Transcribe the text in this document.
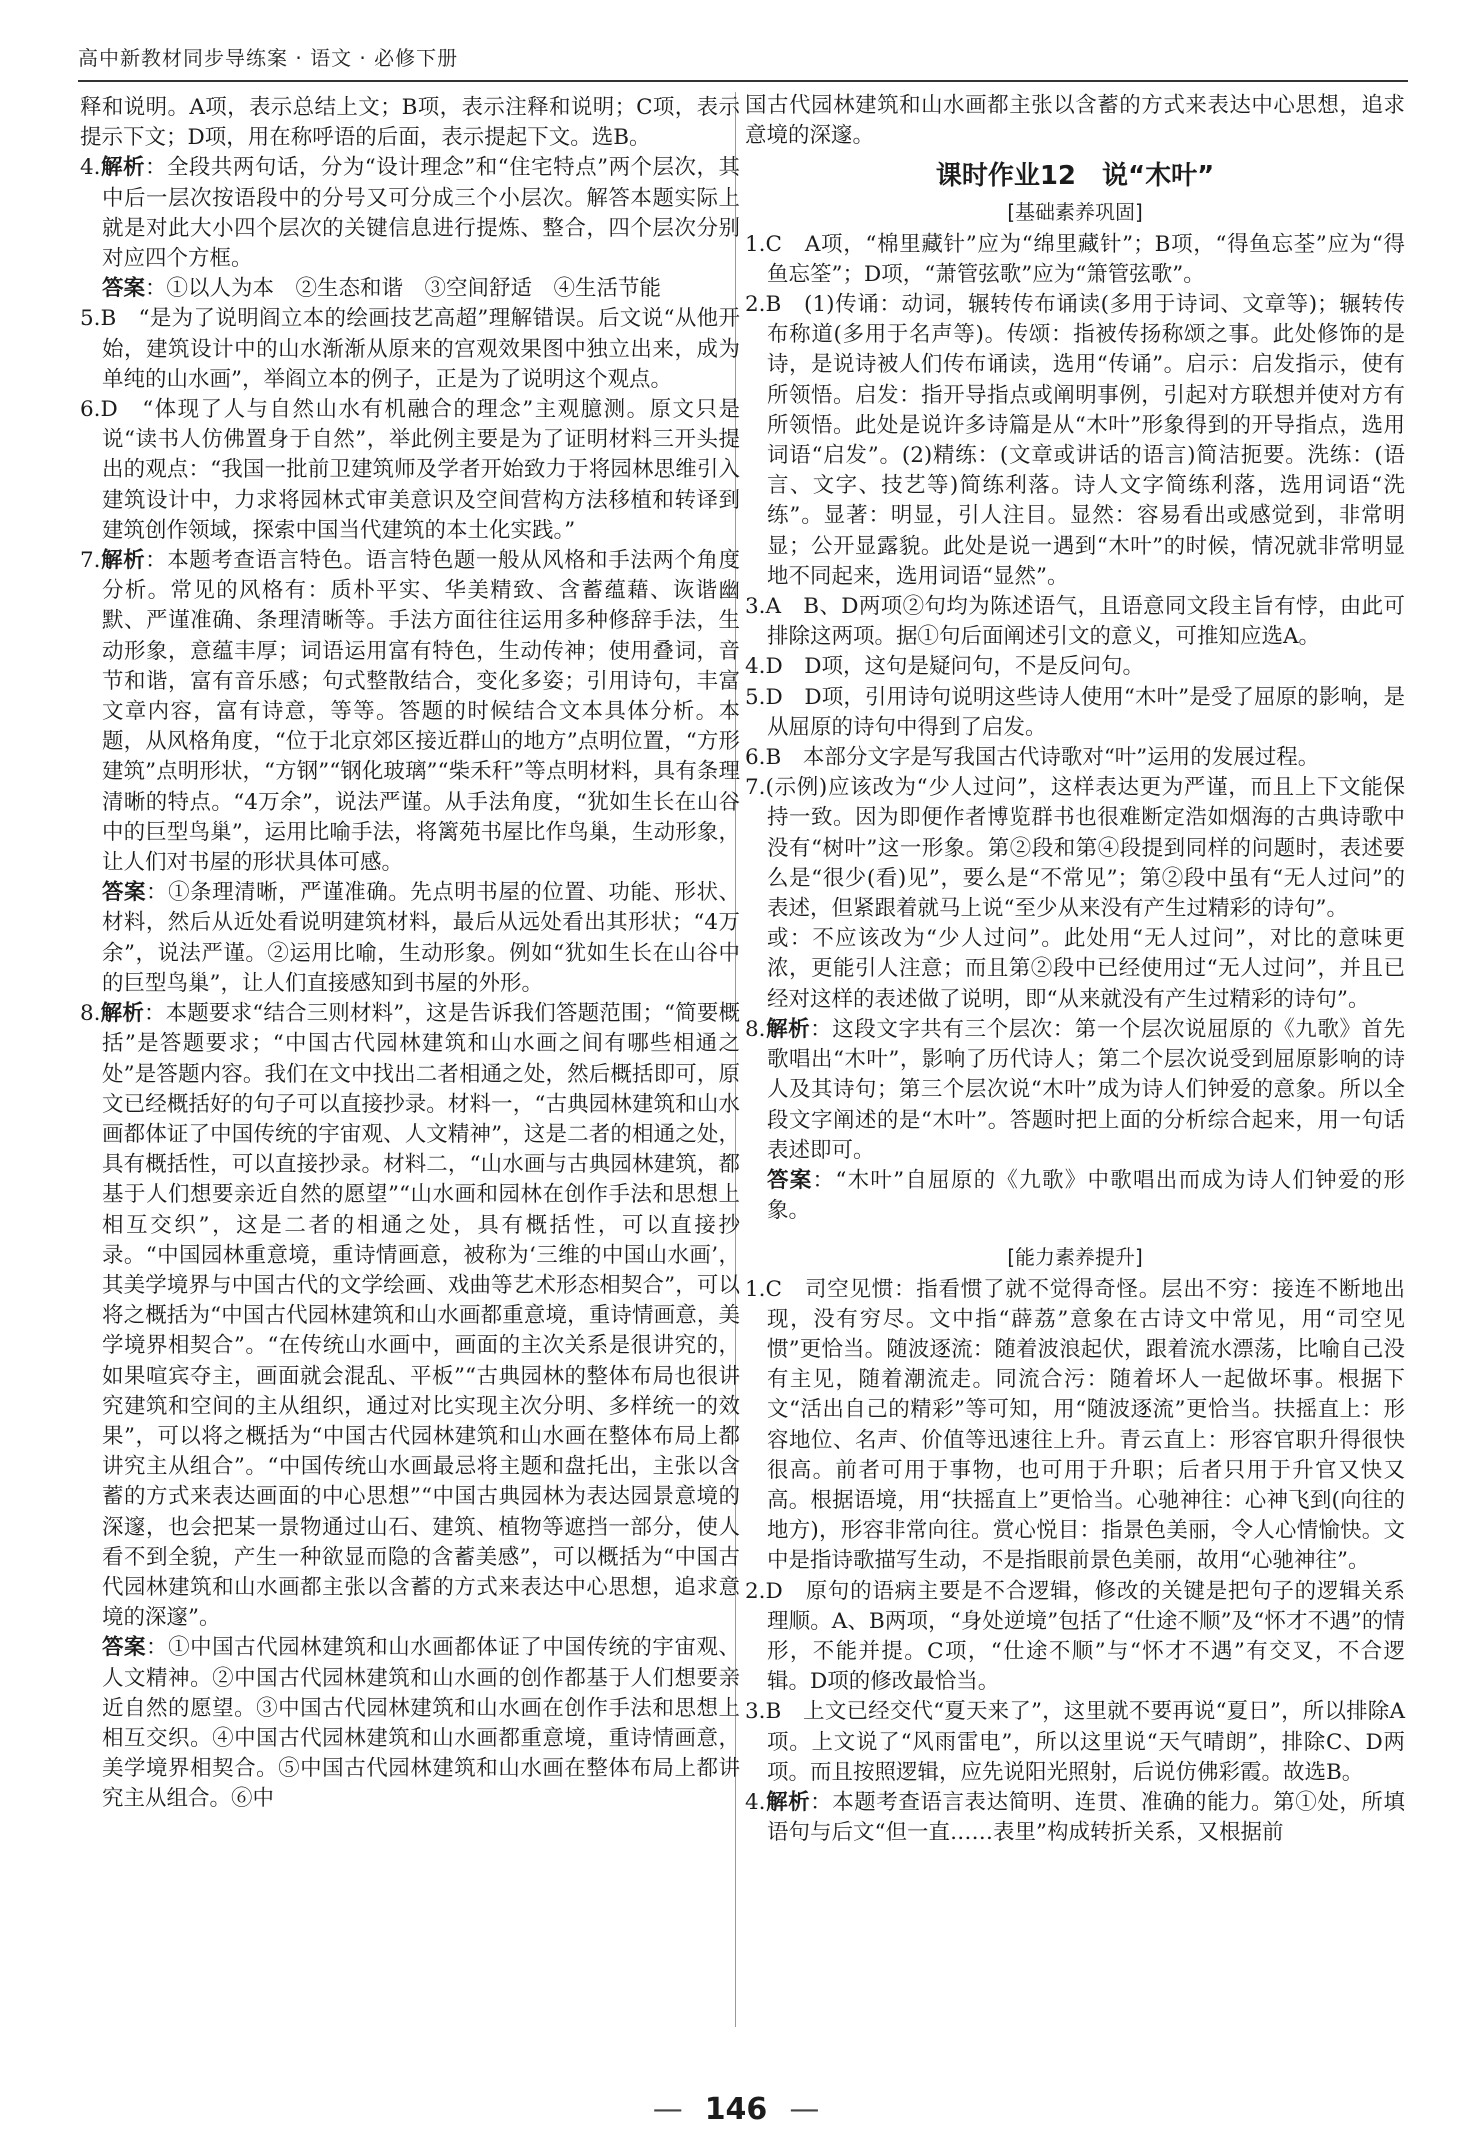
高中新教材同步导练案 · 语文 · 必修下册

释和说明。A项，表示总结上文；B项，表示注释和说明；C项，表示提示下文；D项，用在称呼语的后面，表示提起下文。选B。

4.解析：全段共两句话，分为“设计理念”和“住宅特点”两个层次，其中后一层次按语段中的分号又可分成三个小层次。解答本题实际上就是对此大小四个层次的关键信息进行提炼、整合，四个层次分别对应四个方框。
答案：①以人为本　②生态和谐　③空间舒适　④生活节能

5.B　“是为了说明阎立本的绘画技艺高超”理解错误。后文说“从他开始，建筑设计中的山水渐渐从原来的宫观效果图中独立出来，成为单纯的山水画”，举阎立本的例子，正是为了说明这个观点。

6.D　“体现了人与自然山水有机融合的理念”主观臆测。原文只是说“读书人仿佛置身于自然”，举此例主要是为了证明材料三开头提出的观点：“我国一批前卫建筑师及学者开始致力于将园林思维引入建筑设计中，力求将园林式审美意识及空间营构方法移植和转译到建筑创作领域，探索中国当代建筑的本土化实践。”

7.解析：本题考查语言特色。语言特色题一般从风格和手法两个角度分析。常见的风格有：质朴平实、华美精致、含蓄蕴藉、诙谐幽默、严谨准确、条理清晰等。手法方面往往运用多种修辞手法，生动形象，意蕴丰厚；词语运用富有特色，生动传神；使用叠词，音节和谐，富有音乐感；句式整散结合，变化多姿；引用诗句，丰富文章内容，富有诗意，等等。答题的时候结合文本具体分析。本题，从风格角度，“位于北京郊区接近群山的地方”点明位置，“方形建筑”点明形状，“方钢”“钢化玻璃”“柴禾秆”等点明材料，具有条理清晰的特点。“4万余”，说法严谨。从手法角度，“犹如生长在山谷中的巨型鸟巢”，运用比喻手法，将篱苑书屋比作鸟巢，生动形象，让人们对书屋的形状具体可感。
答案：①条理清晰，严谨准确。先点明书屋的位置、功能、形状、材料，然后从近处看说明建筑材料，最后从远处看出其形状；“4万余”，说法严谨。②运用比喻，生动形象。例如“犹如生长在山谷中的巨型鸟巢”，让人们直接感知到书屋的外形。

8.解析：本题要求“结合三则材料”，这是告诉我们答题范围；“简要概括”是答题要求；“中国古代园林建筑和山水画之间有哪些相通之处”是答题内容。我们在文中找出二者相通之处，然后概括即可，原文已经概括好的句子可以直接抄录。材料一，“古典园林建筑和山水画都体证了中国传统的宇宙观、人文精神”，这是二者的相通之处，具有概括性，可以直接抄录。材料二，“山水画与古典园林建筑，都基于人们想要亲近自然的愿望”“山水画和园林在创作手法和思想上相互交织”，这是二者的相通之处，具有概括性，可以直接抄录。“中国园林重意境，重诗情画意，被称为‘三维的中国山水画’，其美学境界与中国古代的文学绘画、戏曲等艺术形态相契合”，可以将之概括为“中国古代园林建筑和山水画都重意境，重诗情画意，美学境界相契合”。“在传统山水画中，画面的主次关系是很讲究的，如果喧宾夺主，画面就会混乱、平板”“古典园林的整体布局也很讲究建筑和空间的主从组织，通过对比实现主次分明、多样统一的效果”，可以将之概括为“中国古代园林建筑和山水画在整体布局上都讲究主从组合”。“中国传统山水画最忌将主题和盘托出，主张以含蓄的方式来表达画面的中心思想”“中国古典园林为表达园景意境的深邃，也会把某一景物通过山石、建筑、植物等遮挡一部分，使人看不到全貌，产生一种欲显而隐的含蓄美感”，可以概括为“中国古代园林建筑和山水画都主张以含蓄的方式来表达中心思想，追求意境的深邃”。
答案：①中国古代园林建筑和山水画都体证了中国传统的宇宙观、人文精神。②中国古代园林建筑和山水画的创作都基于人们想要亲近自然的愿望。③中国古代园林建筑和山水画在创作手法和思想上相互交织。④中国古代园林建筑和山水画都重意境，重诗情画意，美学境界相契合。⑤中国古代园林建筑和山水画在整体布局上都讲究主从组合。⑥中

国古代园林建筑和山水画都主张以含蓄的方式来表达中心思想，追求意境的深邃。

课时作业12　说“木叶”
[基础素养巩固]

1.C　A项，“棉里藏针”应为“绵里藏针”；B项，“得鱼忘荃”应为“得鱼忘筌”；D项，“萧管弦歌”应为“箫管弦歌”。

2.B　(1)传诵：动词，辗转传布诵读(多用于诗词、文章等)；辗转传布称道(多用于名声等)。传颂：指被传扬称颂之事。此处修饰的是诗，是说诗被人们传布诵读，选用“传诵”。启示：启发指示，使有所领悟。启发：指开导指点或阐明事例，引起对方联想并使对方有所领悟。此处是说许多诗篇是从“木叶”形象得到的开导指点，选用词语“启发”。(2)精练：(文章或讲话的语言)简洁扼要。洗练：(语言、文字、技艺等)简练利落。诗人文字简练利落，选用词语“洗练”。显著：明显，引人注目。显然：容易看出或感觉到，非常明显；公开显露貌。此处是说一遇到“木叶”的时候，情况就非常明显地不同起来，选用词语“显然”。

3.A　B、D两项②句均为陈述语气，且语意同文段主旨有悖，由此可排除这两项。据①句后面阐述引文的意义，可推知应选A。

4.D　D项，这句是疑问句，不是反问句。

5.D　D项，引用诗句说明这些诗人使用“木叶”是受了屈原的影响，是从屈原的诗句中得到了启发。

6.B　本部分文字是写我国古代诗歌对“叶”运用的发展过程。

7.(示例)应该改为“少人过问”，这样表达更为严谨，而且上下文能保持一致。因为即便作者博览群书也很难断定浩如烟海的古典诗歌中没有“树叶”这一形象。第②段和第④段提到同样的问题时，表述要么是“很少(看)见”，要么是“不常见”；第②段中虽有“无人过问”的表述，但紧跟着就马上说“至少从来没有产生过精彩的诗句”。
或：不应该改为“少人过问”。此处用“无人过问”，对比的意味更浓，更能引人注意；而且第②段中已经使用过“无人过问”，并且已经对这样的表述做了说明，即“从来就没有产生过精彩的诗句”。

8.解析：这段文字共有三个层次：第一个层次说屈原的《九歌》首先歌唱出“木叶”，影响了历代诗人；第二个层次说受到屈原影响的诗人及其诗句；第三个层次说“木叶”成为诗人们钟爱的意象。所以全段文字阐述的是“木叶”。答题时把上面的分析综合起来，用一句话表述即可。
答案：“木叶”自屈原的《九歌》中歌唱出而成为诗人们钟爱的形象。

[能力素养提升]

1.C　司空见惯：指看惯了就不觉得奇怪。层出不穷：接连不断地出现，没有穷尽。文中指“薜荔”意象在古诗文中常见，用“司空见惯”更恰当。随波逐流：随着波浪起伏，跟着流水漂荡，比喻自己没有主见，随着潮流走。同流合污：随着坏人一起做坏事。根据下文“活出自己的精彩”等可知，用“随波逐流”更恰当。扶摇直上：形容地位、名声、价值等迅速往上升。青云直上：形容官职升得很快很高。前者可用于事物，也可用于升职；后者只用于升官又快又高。根据语境，用“扶摇直上”更恰当。心驰神往：心神飞到(向往的地方)，形容非常向往。赏心悦目：指景色美丽，令人心情愉快。文中是指诗歌描写生动，不是指眼前景色美丽，故用“心驰神往”。

2.D　原句的语病主要是不合逻辑，修改的关键是把句子的逻辑关系理顺。A、B两项，“身处逆境”包括了“仕途不顺”及“怀才不遇”的情形，不能并提。C项，“仕途不顺”与“怀才不遇”有交叉，不合逻辑。D项的修改最恰当。

3.B　上文已经交代“夏天来了”，这里就不要再说“夏日”，所以排除A项。上文说了“风雨雷电”，所以这里说“天气晴朗”，排除C、D两项。而且按照逻辑，应先说阳光照射，后说仿佛彩霞。故选B。

4.解析：本题考查语言表达简明、连贯、准确的能力。第①处，所填语句与后文“但一直……表里”构成转折关系，又根据前

— 146 —
